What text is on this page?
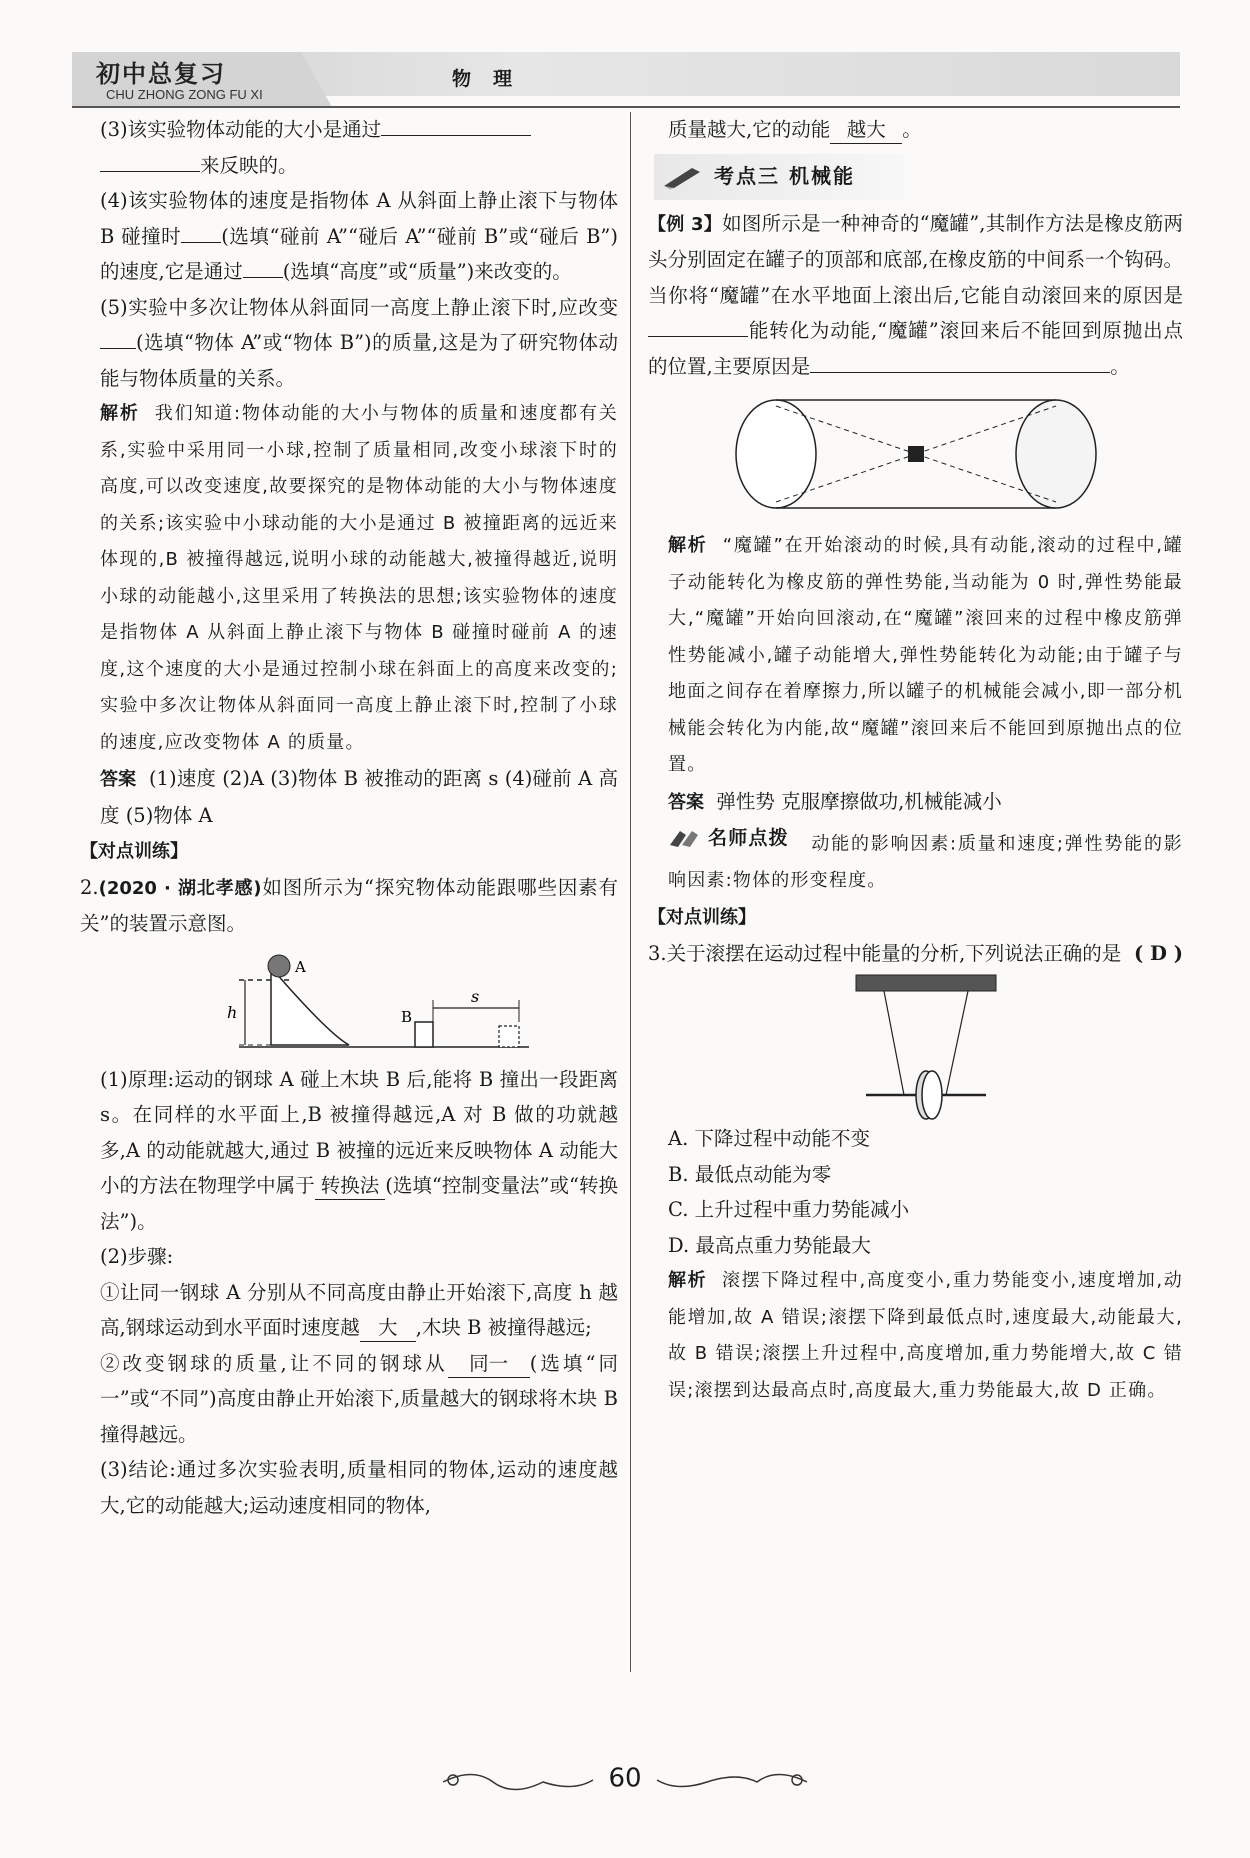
初中总复习
CHU ZHONG ZONG FU XI
物理

(3)该实验物体动能的大小是通过
来反映的。

(4)该实验物体的速度是指物体 A 从斜面上静止滚下与物体 B 碰撞时 (选填“碰前 A”“碰后 A”“碰前 B”或“碰后 B”)的速度,它是通过 (选填“高度”或“质量”)来改变的。

(5)实验中多次让物体从斜面同一高度上静止滚下时,应改变(选填“物体 A”或“物体 B”)的质量,这是为了研究物体动能与物体质量的关系。

解析 我们知道:物体动能的大小与物体的质量和速度都有关系,实验中采用同一小球,控制了质量相同,改变小球滚下时的高度,可以改变速度,故要探究的是物体动能的大小与物体速度的关系;该实验中小球动能的大小是通过 B 被撞距离的远近来体现的,B 被撞得越远,说明小球的动能越大,被撞得越近,说明小球的动能越小,这里采用了转换法的思想;该实验物体的速度是指物体 A 从斜面上静止滚下与物体 B 碰撞时碰前 A 的速度,这个速度的大小是通过控制小球在斜面上的高度来改变的;实验中多次让物体从斜面同一高度上静止滚下时,控制了小球的速度,应改变物体 A 的质量。

答案 (1)速度 (2)A (3)物体 B 被推动的距离 s (4)碰前 A 高度 (5)物体 A

【对点训练】

2.(2020 · 湖北孝感)如图所示为“探究物体动能跟哪些因素有关”的装置示意图。

A
h	B
s

(1)原理:运动的钢球 A 碰上木块 B 后,能将 B 撞出一段距离 s。在同样的水平面上,B 被撞得越远,A 对 B 做的功就越多,A 的动能就越大,通过 B 被撞的远近来反映物体 A 动能大小的方法在物理学中属于 转换法 (选填“控制变量法”或“转换法”)。

(2)步骤:

①让同一钢球 A 分别从不同高度由静止开始滚下,高度 h 越高,钢球运动到水平面时速度越 大 ,木块 B 被撞得越远;

②改变钢球的质量,让不同的钢球从 同一 (选填“同一”或“不同”)高度由静止开始滚下,质量越大的钢球将木块 B 撞得越远。

(3)结论:通过多次实验表明,质量相同的物体,运动的速度越大,它的动能越大;运动速度相同的物体,

质量越大,它的动能 越大 。

考点三 机械能

【例 3】如图所示是一种神奇的“魔罐”,其制作方法是橡皮筋两头分别固定在罐子的顶部和底部,在橡皮筋的中间系一个钩码。当你将“魔罐”在水平地面上滚出后,它能自动滚回来的原因是能转化为动能,“魔罐”滚回来后不能回到原抛出点的位置,主要原因是	。

解析 “魔罐”在开始滚动的时候,具有动能,滚动的过程中,罐子动能转化为橡皮筋的弹性势能,当动能为 0 时,弹性势能最大,“魔罐”开始向回滚动,在“魔罐”滚回来的过程中橡皮筋弹性势能减小,罐子动能增大,弹性势能转化为动能;由于罐子与地面之间存在着摩擦力,所以罐子的机械能会减小,即一部分机械能会转化为内能,故“魔罐”滚回来后不能回到原抛出点的位置。

答案 弹性势 克服摩擦做功,机械能减小

名师点拨 动能的影响因素:质量和速度;弹性势能的影响因素:物体的形变程度。

【对点训练】

3.关于滚摆在运动过程中能量的分析,下列说法正确的是 ( D )

A. 下降过程中动能不变

B. 最低点动能为零

C. 上升过程中重力势能减小

D. 最高点重力势能最大

解析 滚摆下降过程中,高度变小,重力势能变小,速度增加,动能增加,故 A 错误;滚摆下降到最低点时,速度最大,动能最大,故 B 错误;滚摆上升过程中,高度增加,重力势能增大,故 C 错误;滚摆到达最高点时,高度最大,重力势能最大,故 D 正确。

60
